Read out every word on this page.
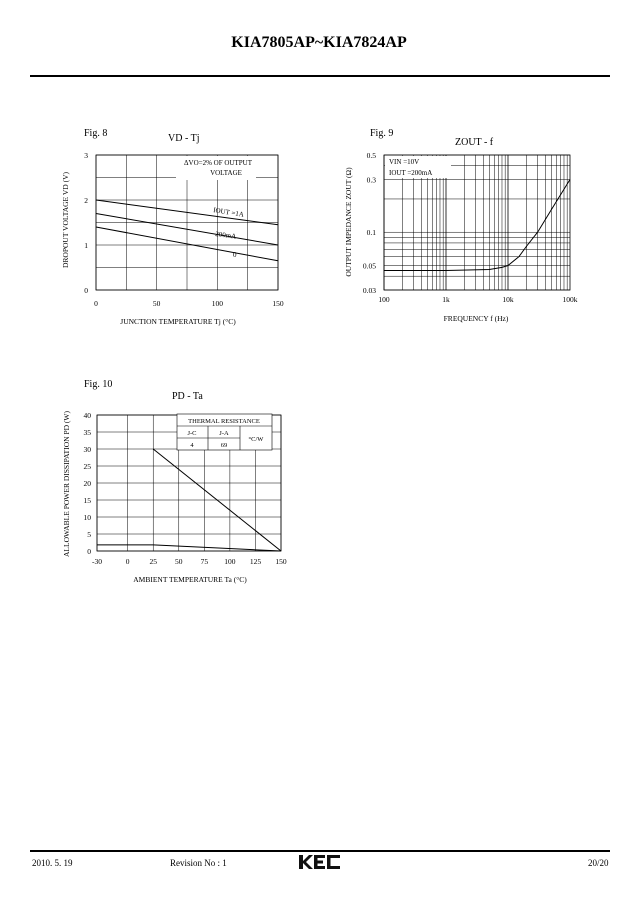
KIA7805AP~KIA7824AP
Fig. 8	VD - Tj
0	50	100	150
0
1
2
3
DROPOUT VOLTAGE VD (V)
JUNCTION TEMPERATURE Tj (°C)
ΔVO=2% OF OUTPUT
VOLTAGE
IOUT =1A
200mA
0
Fig. 9
ZOUT - f
100	1k	10k	100k
0.03
0.05
0.1
0.3
0.5
OUTPUT IMPEDANCE ZOUT (Ω)
FREQUENCY f (Hz)
VIN =10V
IOUT =200mA
Fig. 10
PD - Ta
-30	0	25 50 75 100 125 150
0
5
10
15
20
25
30
35
40
ALLOWABLE POWER DISSIPATION PD (W)
AMBIENT TEMPERATURE Ta (°C)
THERMAL RESISTANCE
J-C	J-A
4	69
°C/W
2010. 5. 19	Revision No : 1	20/20
